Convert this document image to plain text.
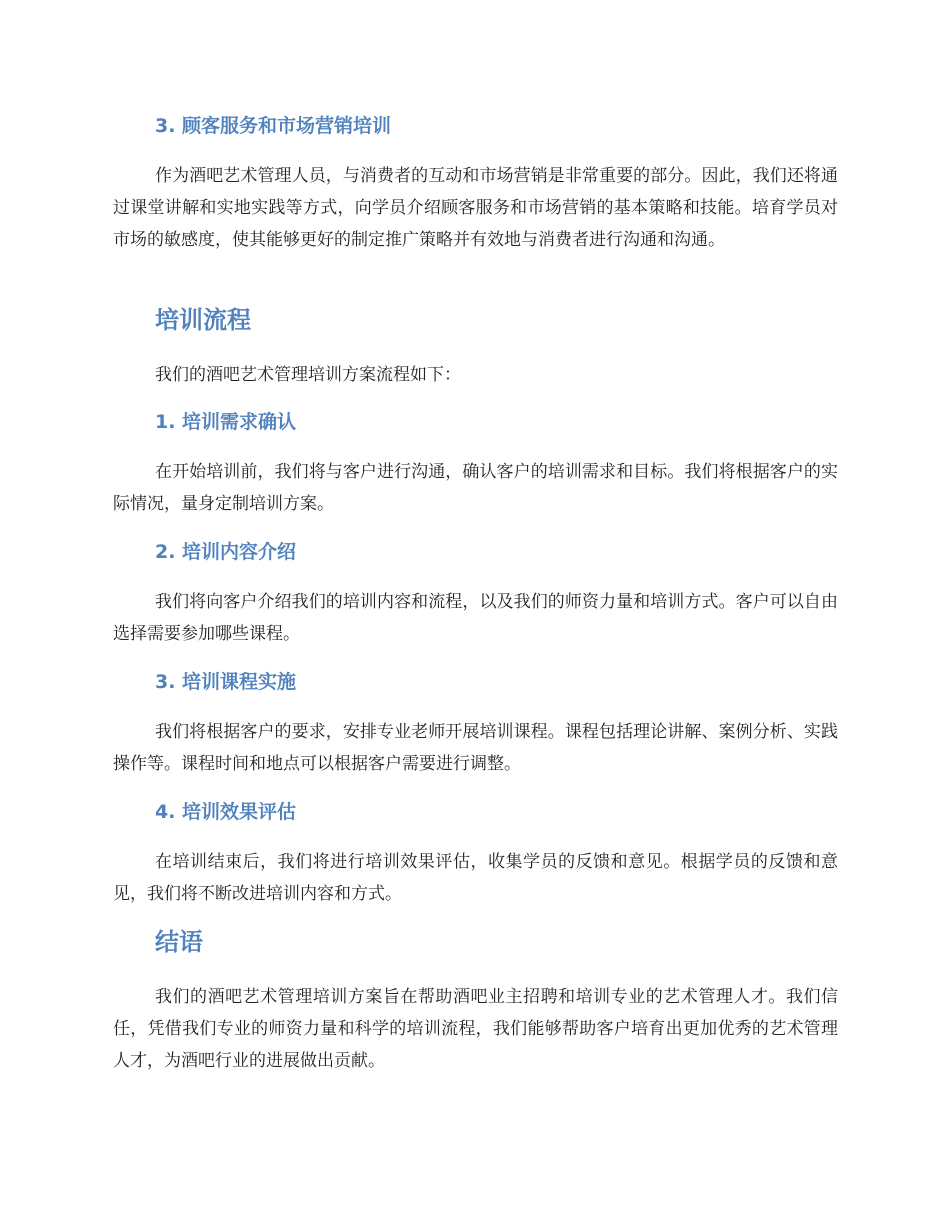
3. 顾客服务和市场营销培训

作为酒吧艺术管理人员，与消费者的互动和市场营销是非常重要的部分。因此，我们还将通过课堂讲解和实地实践等方式，向学员介绍顾客服务和市场营销的基本策略和技能。培育学员对市场的敏感度，使其能够更好的制定推广策略并有效地与消费者进行沟通和沟通。

培训流程

我们的酒吧艺术管理培训方案流程如下：

1. 培训需求确认

在开始培训前，我们将与客户进行沟通，确认客户的培训需求和目标。我们将根据客户的实际情况，量身定制培训方案。

2. 培训内容介绍

我们将向客户介绍我们的培训内容和流程，以及我们的师资力量和培训方式。客户可以自由选择需要参加哪些课程。

3. 培训课程实施

我们将根据客户的要求，安排专业老师开展培训课程。课程包括理论讲解、案例分析、实践操作等。课程时间和地点可以根据客户需要进行调整。

4. 培训效果评估

在培训结束后，我们将进行培训效果评估，收集学员的反馈和意见。根据学员的反馈和意见，我们将不断改进培训内容和方式。

结语

我们的酒吧艺术管理培训方案旨在帮助酒吧业主招聘和培训专业的艺术管理人才。我们信任，凭借我们专业的师资力量和科学的培训流程，我们能够帮助客户培育出更加优秀的艺术管理人才，为酒吧行业的进展做出贡献。
